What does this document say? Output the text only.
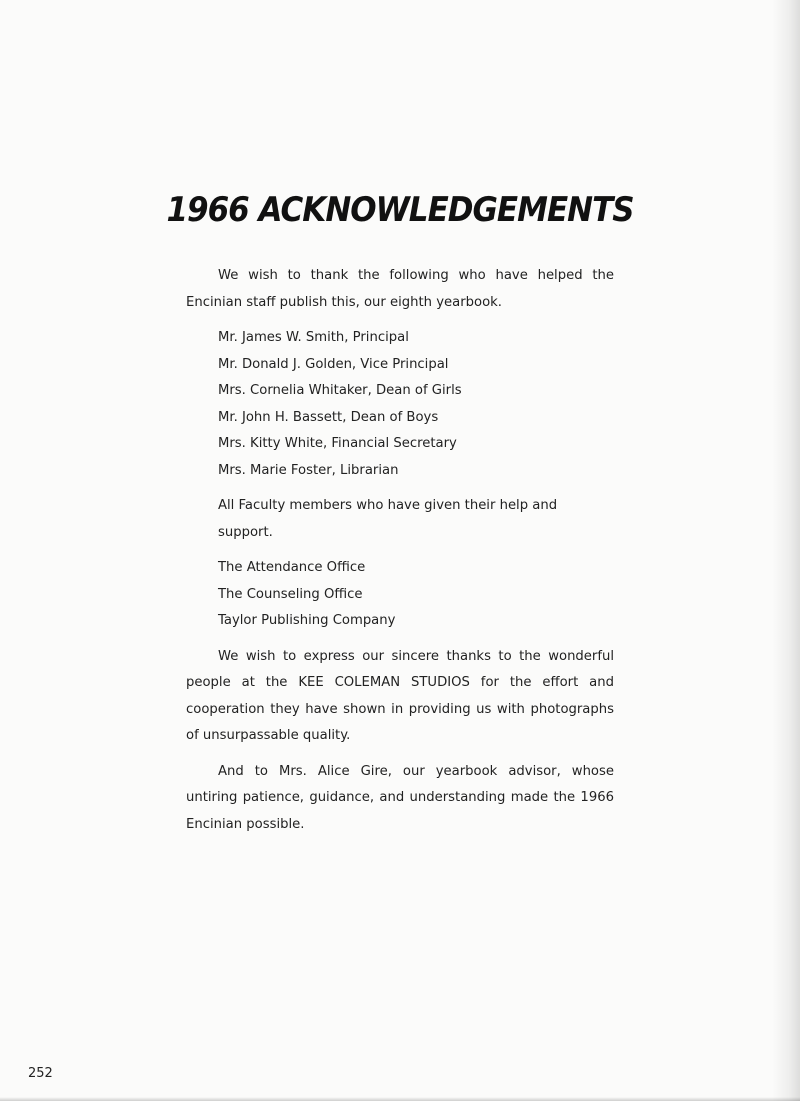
1966 ACKNOWLEDGEMENTS

We wish to thank the following who have helped the Encinian staff publish this, our eighth yearbook.

Mr. James W. Smith, Principal
Mr. Donald J. Golden, Vice Principal
Mrs. Cornelia Whitaker, Dean of Girls
Mr. John H. Bassett, Dean of Boys
Mrs. Kitty White, Financial Secretary
Mrs. Marie Foster, Librarian
All Faculty members who have given their help and support.
The Attendance Office
The Counseling Office
Taylor Publishing Company

We wish to express our sincere thanks to the wonderful people at the KEE COLEMAN STUDIOS for the effort and cooperation they have shown in providing us with photographs of unsurpassable quality.

And to Mrs. Alice Gire, our yearbook advisor, whose untiring patience, guidance, and understanding made the 1966 Encinian possible.

252
